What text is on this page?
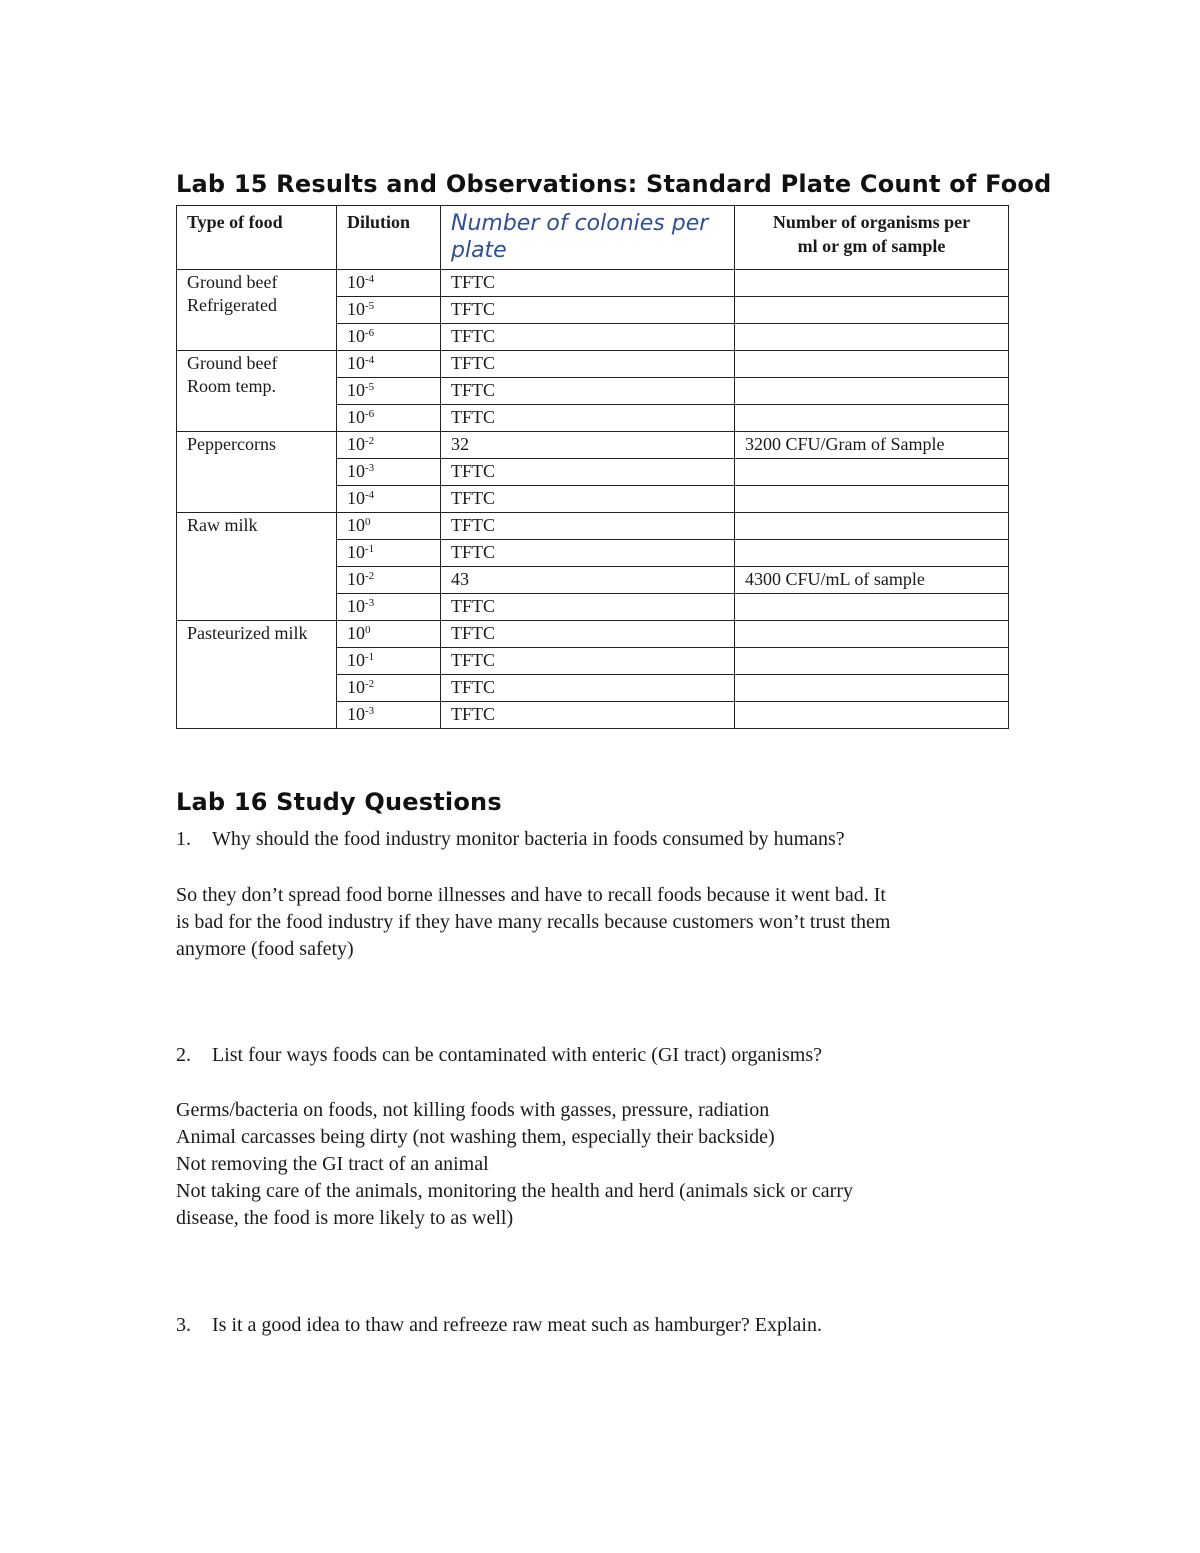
Lab 15 Results and Observations: Standard Plate Count of Food
Type of food	Dilution	Number of colonies per plate	Number of organisms per
ml or gm of sample

Ground beef
Refrigerated	$10^{-4}$	TFTC	
	$10^{-5}$	TFTC	
	$10^{-6}$	TFTC	

Ground beef
Room temp.	$10^{-4}$	TFTC	
	$10^{-5}$	TFTC	
	$10^{-6}$	TFTC	

Peppercorns	$10^{-2}$	32	3200 CFU/Gram of Sample
	$10^{-3}$	TFTC	
	$10^{-4}$	TFTC	

Raw milk	$10^0$	TFTC	
	$10^{-1}$	TFTC	
	$10^{-2}$	43	4300 CFU/mL of sample
	$10^{-3}$	TFTC	

Pasteurized milk	$10^0$	TFTC	
	$10^{-1}$	TFTC	
	$10^{-2}$	TFTC	
	$10^{-3}$	TFTC	
Lab 16 Study Questions
1. Why should the food industry monitor bacteria in foods consumed by humans?
So they don’t spread food borne illnesses and have to recall foods because it went bad. It
is bad for the food industry if they have many recalls because customers won’t trust them
anymore (food safety)
2. List four ways foods can be contaminated with enteric (GI tract) organisms?
Germs/bacteria on foods, not killing foods with gasses, pressure, radiation
Animal carcasses being dirty (not washing them, especially their backside)
Not removing the GI tract of an animal
Not taking care of the animals, monitoring the health and herd (animals sick or carry
disease, the food is more likely to as well)
3. Is it a good idea to thaw and refreeze raw meat such as hamburger? Explain.
